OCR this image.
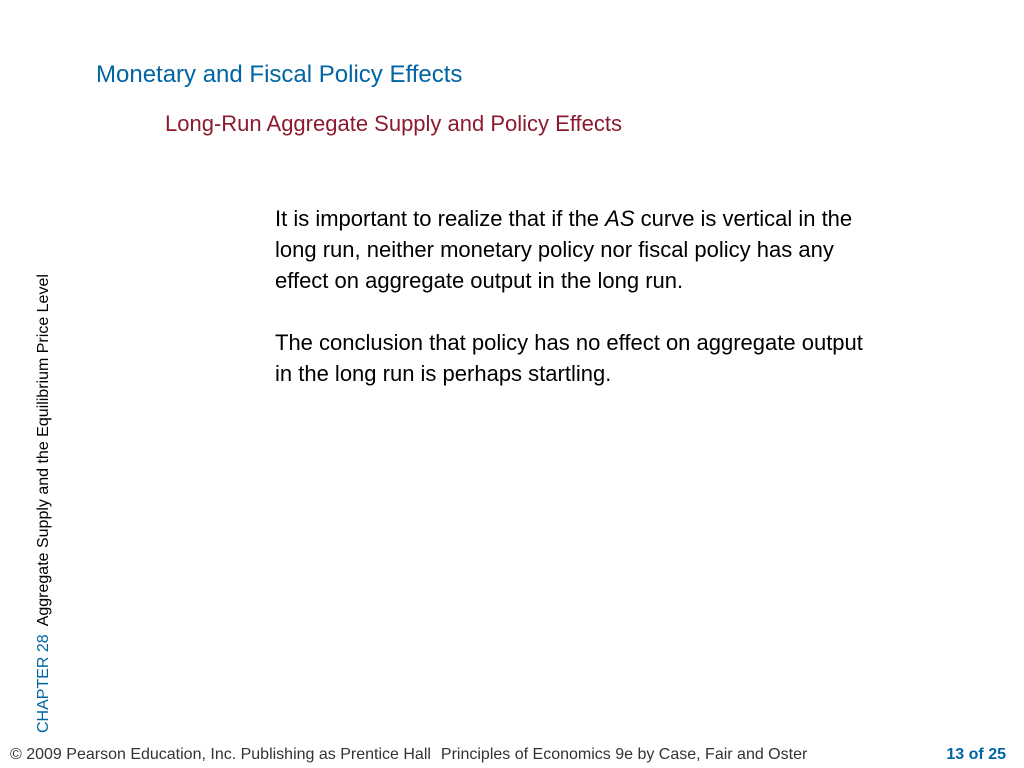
Monetary and Fiscal Policy Effects
Long-Run Aggregate Supply and Policy Effects
CHAPTER 28Aggregate Supply and the Equilibrium Price Level

It is important to realize that if the AS curve is vertical in the long run, neither monetary policy nor fiscal policy has any effect on aggregate output in the long run.

The conclusion that policy has no effect on aggregate output in the long run is perhaps startling.

© 2009 Pearson Education, Inc. Publishing as Prentice Hall Principles of Economics 9e by Case, Fair and Oster	13 of 25
